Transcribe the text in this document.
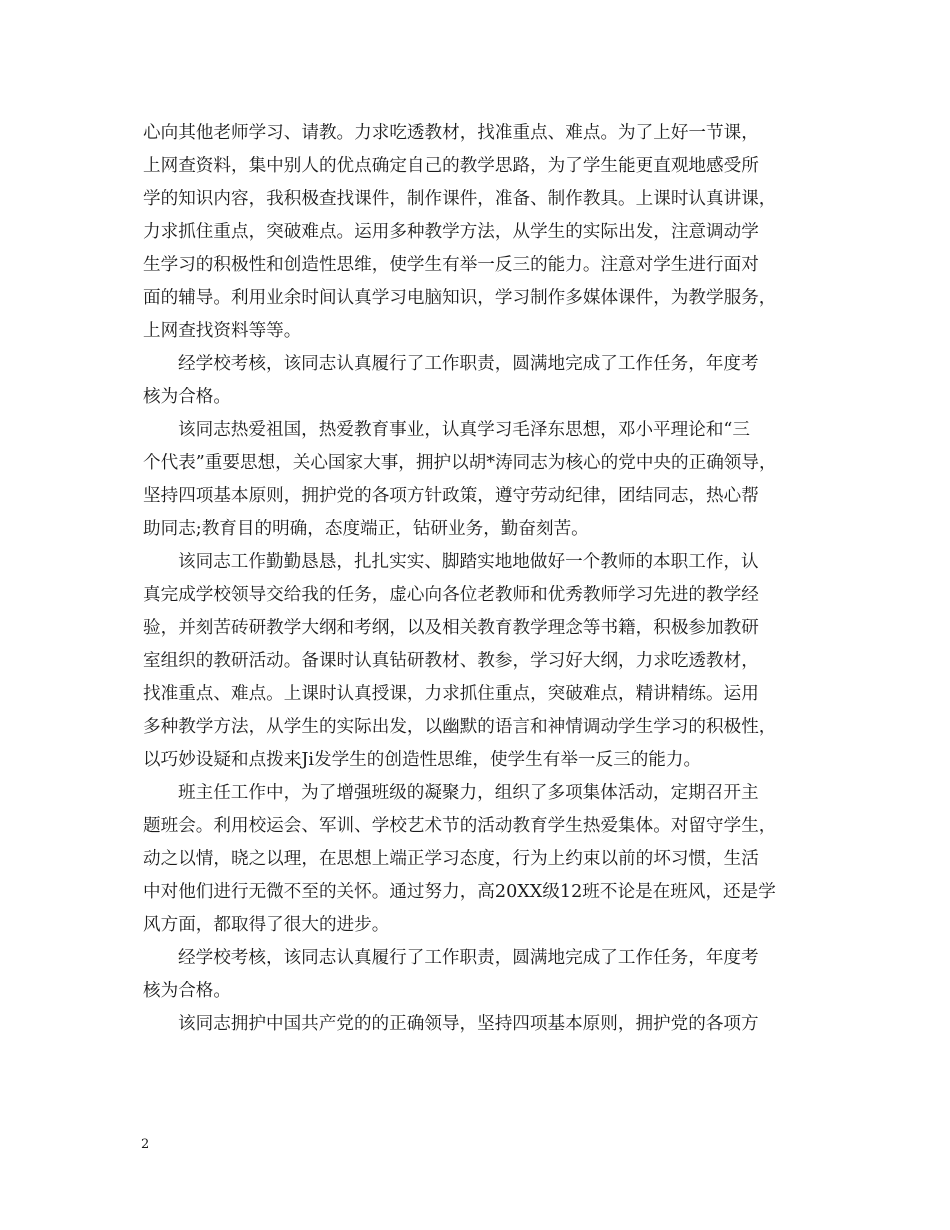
心向其他老师学习、请教。力求吃透教材，找准重点、难点。为了上好一节课，
上网查资料，集中别人的优点确定自己的教学思路，为了学生能更直观地感受所
学的知识内容，我积极查找课件，制作课件，准备、制作教具。上课时认真讲课，
力求抓住重点，突破难点。运用多种教学方法，从学生的实际出发，注意调动学
生学习的积极性和创造性思维，使学生有举一反三的能力。注意对学生进行面对
面的辅导。利用业余时间认真学习电脑知识，学习制作多媒体课件，为教学服务，
上网查找资料等等。
经学校考核，该同志认真履行了工作职责，圆满地完成了工作任务，年度考
核为合格。
该同志热爱祖国，热爱教育事业，认真学习毛泽东思想，邓小平理论和“三
个代表”重要思想，关心国家大事，拥护以胡*涛同志为核心的党中央的正确领导，
坚持四项基本原则，拥护党的各项方针政策，遵守劳动纪律，团结同志，热心帮
助同志;教育目的明确，态度端正，钻研业务，勤奋刻苦。
该同志工作勤勤恳恳，扎扎实实、脚踏实地地做好一个教师的本职工作，认
真完成学校领导交给我的任务，虚心向各位老教师和优秀教师学习先进的教学经
验，并刻苦砖研教学大纲和考纲，以及相关教育教学理念等书籍，积极参加教研
室组织的教研活动。备课时认真钻研教材、教参，学习好大纲，力求吃透教材，
找准重点、难点。上课时认真授课，力求抓住重点，突破难点，精讲精练。运用
多种教学方法，从学生的实际出发，以幽默的语言和神情调动学生学习的积极性，
以巧妙设疑和点拨来Ji发学生的创造性思维，使学生有举一反三的能力。
班主任工作中，为了增强班级的凝聚力，组织了多项集体活动，定期召开主
题班会。利用校运会、军训、学校艺术节的活动教育学生热爱集体。对留守学生，
动之以情，晓之以理，在思想上端正学习态度，行为上约束以前的坏习惯，生活
中对他们进行无微不至的关怀。通过努力，高20XX级12班不论是在班风，还是学
风方面，都取得了很大的进步。
经学校考核，该同志认真履行了工作职责，圆满地完成了工作任务，年度考
核为合格。
该同志拥护中国共产党的的正确领导，坚持四项基本原则，拥护党的各项方
2
